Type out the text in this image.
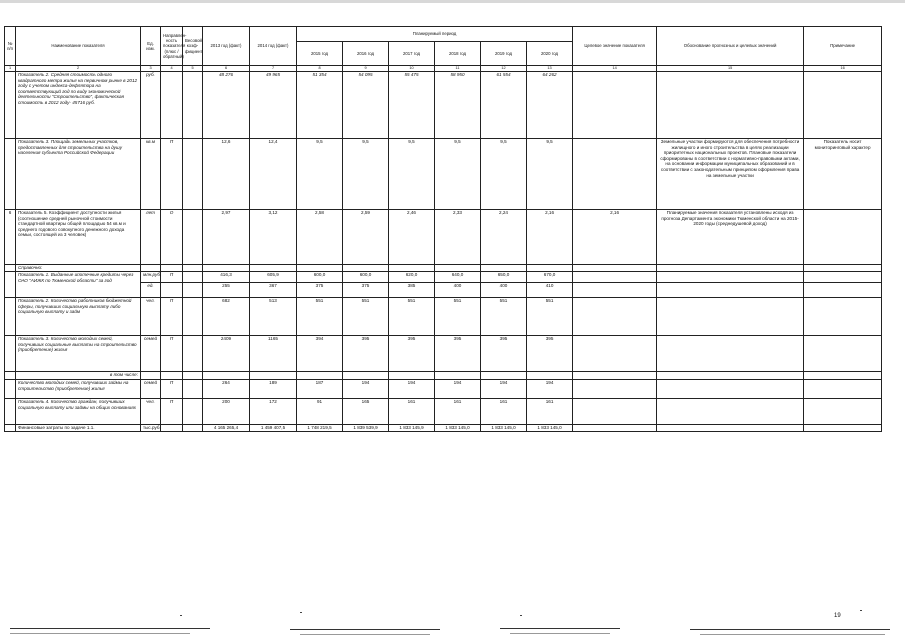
№ п/п	Наименование показателя	Ед. изм.	Направлен-ность показателя (плюс / обратный)	Весовой коэф-фициент	2013 год (факт)	2014 год (факт)	Планируемый период						Целевое значение показателя	Обоснование прогнозных и целевых значений	Примечание
							2015 год	2016 год	2017 год	2018 год	2019 год	2020 год			
1	2	3	4	5	6	7	8	9	10	11	12	13	14	15	16
	Показатель 2. Средняя стоимость одного квадратного метра жилья на первичном рынке в 2012 году с учетом индекса-дефлятора на соответствующий год по виду экономической деятельности "Строительство", фактическая стоимость в 2012 году- 45716 руб.	руб.			48 276	49 965	51 354	54 095	55 475	58 950	61 554	64 262			
	Показатель 3. Площадь земельных участков, предоставленных для строительства на душу населения субъекта Российской Федерации	кв.м	П		12,6	12,4	9,5	9,5	9,5	9,5	9,5	9,5		Земельные участки формируются для обеспечения потребности жилищного и иного строительства в целях реализации приоритетных национальных проектов. Плановые показатели сформированы в соответствии с нормативно-правовыми актами, на основании информации муниципальных образований и в соответствии с законодательным принципом оформления права на земельные участки	Показатель носит мониторинговый характер
6	Показатель 5. Коэффициент доступности жилья (соотношение средней рыночной стоимости стандартной квартиры общей площадью 54 кв.м и среднего годового совокупного денежного дохода семьи, состоящей из 3 человек)	лет	О		2,97	3,12	2,58	2,59	2,46	2,33	2,24	2,16	2,16	Планируемые значения показателя установлены исходя из прогноза Департамента экономики Тюменской области на 2015-2020 годы (среднедушевой доход)	
	Справочно:														
	Показатель 1. Выданные ипотечные кредиты через ОАО "АИЖК по Тюменской области" за год	млн.руб.	П		416,3	605,9	600,0	600,0	620,0	640,0	650,0	670,0			
		ед.			255	367	375	375	385	400	400	410			
	Показатель 2. Количество работников бюджетной сферы, получивших социальную выплату либо социальную выплату и займ	чел.	П		682	513	551	551	551	551	551	551			
	Показатель 3. Количество молодых семей, получивших социальные выплаты на строительство (приобретение) жилья	семей	П		2409	1165	394	395	395	395	395	395			
	в том числе:														
	Количество молодых семей, получивших займы на строительство (приобретение) жилья	семей	П		264	189	187	194	194	194	194	194			
	Показатель 4. Количество граждан, получивших социальную выплату или займы на общих основаниях	чел.	П		200	172	91	165	161	161	161	161			
	Финансовые затраты по задаче 1.1.	тыс.руб.			4 165 265,4	1 459 407,5	1 748 219,5	1 839 539,9	1 833 145,9	1 833 145,0	1 833 145,0	1 833 145,0			
19
